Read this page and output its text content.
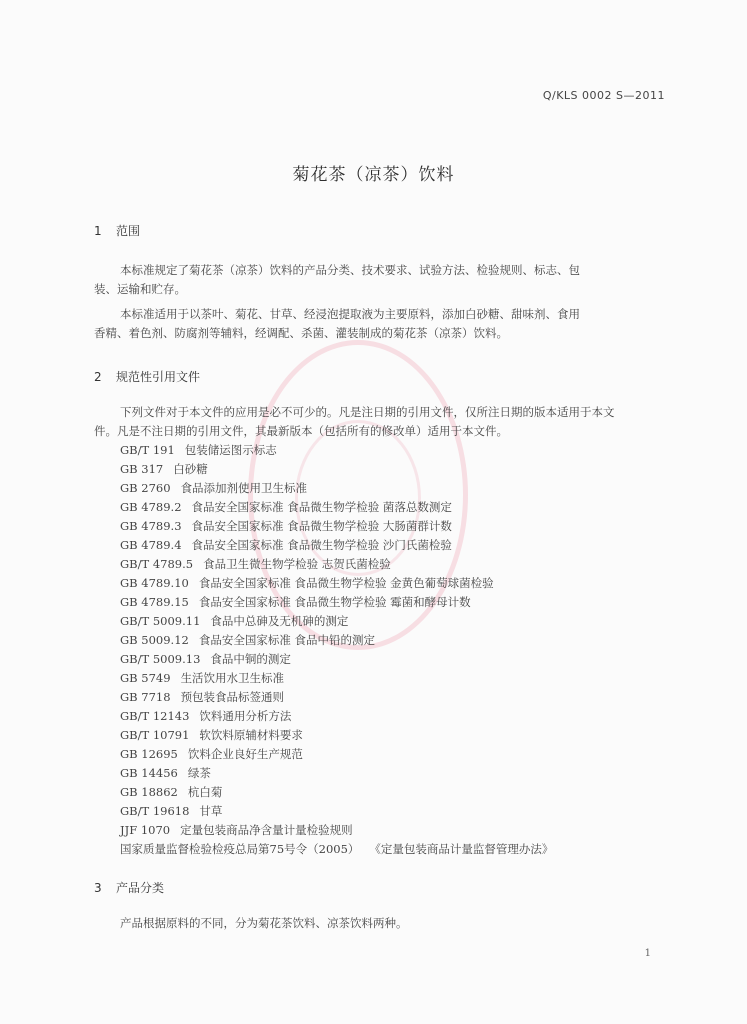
Q/KLS 0002 S—2011
菊花茶（凉茶）饮料
1 范围
本标准规定了菊花茶（凉茶）饮料的产品分类、技术要求、试验方法、检验规则、标志、包
装、运输和贮存。
本标准适用于以茶叶、菊花、甘草、经浸泡提取液为主要原料，添加白砂糖、甜味剂、食用
香精、着色剂、防腐剂等辅料，经调配、杀菌、灌装制成的菊花茶（凉茶）饮料。
2 规范性引用文件
下列文件对于本文件的应用是必不可少的。凡是注日期的引用文件，仅所注日期的版本适用于本文
件。凡是不注日期的引用文件，其最新版本（包括所有的修改单）适用于本文件。
GB/T 191 包装储运图示标志
GB 317 白砂糖
GB 2760 食品添加剂使用卫生标准
GB 4789.2 食品安全国家标准 食品微生物学检验 菌落总数测定
GB 4789.3 食品安全国家标准 食品微生物学检验 大肠菌群计数
GB 4789.4 食品安全国家标准 食品微生物学检验 沙门氏菌检验
GB/T 4789.5 食品卫生微生物学检验 志贺氏菌检验
GB 4789.10 食品安全国家标准 食品微生物学检验 金黄色葡萄球菌检验
GB 4789.15 食品安全国家标准 食品微生物学检验 霉菌和酵母计数
GB/T 5009.11 食品中总砷及无机砷的测定
GB 5009.12 食品安全国家标准 食品中铅的测定
GB/T 5009.13 食品中铜的测定
GB 5749 生活饮用水卫生标准
GB 7718 预包装食品标签通则
GB/T 12143 饮料通用分析方法
GB/T 10791 软饮料原辅材料要求
GB 12695 饮料企业良好生产规范
GB 14456 绿茶
GB 18862 杭白菊
GB/T 19618 甘草
JJF 1070 定量包装商品净含量计量检验规则
国家质量监督检验检疫总局第75号令（2005） 《定量包装商品计量监督管理办法》
3 产品分类
产品根据原料的不同，分为菊花茶饮料、凉茶饮料两种。
1
